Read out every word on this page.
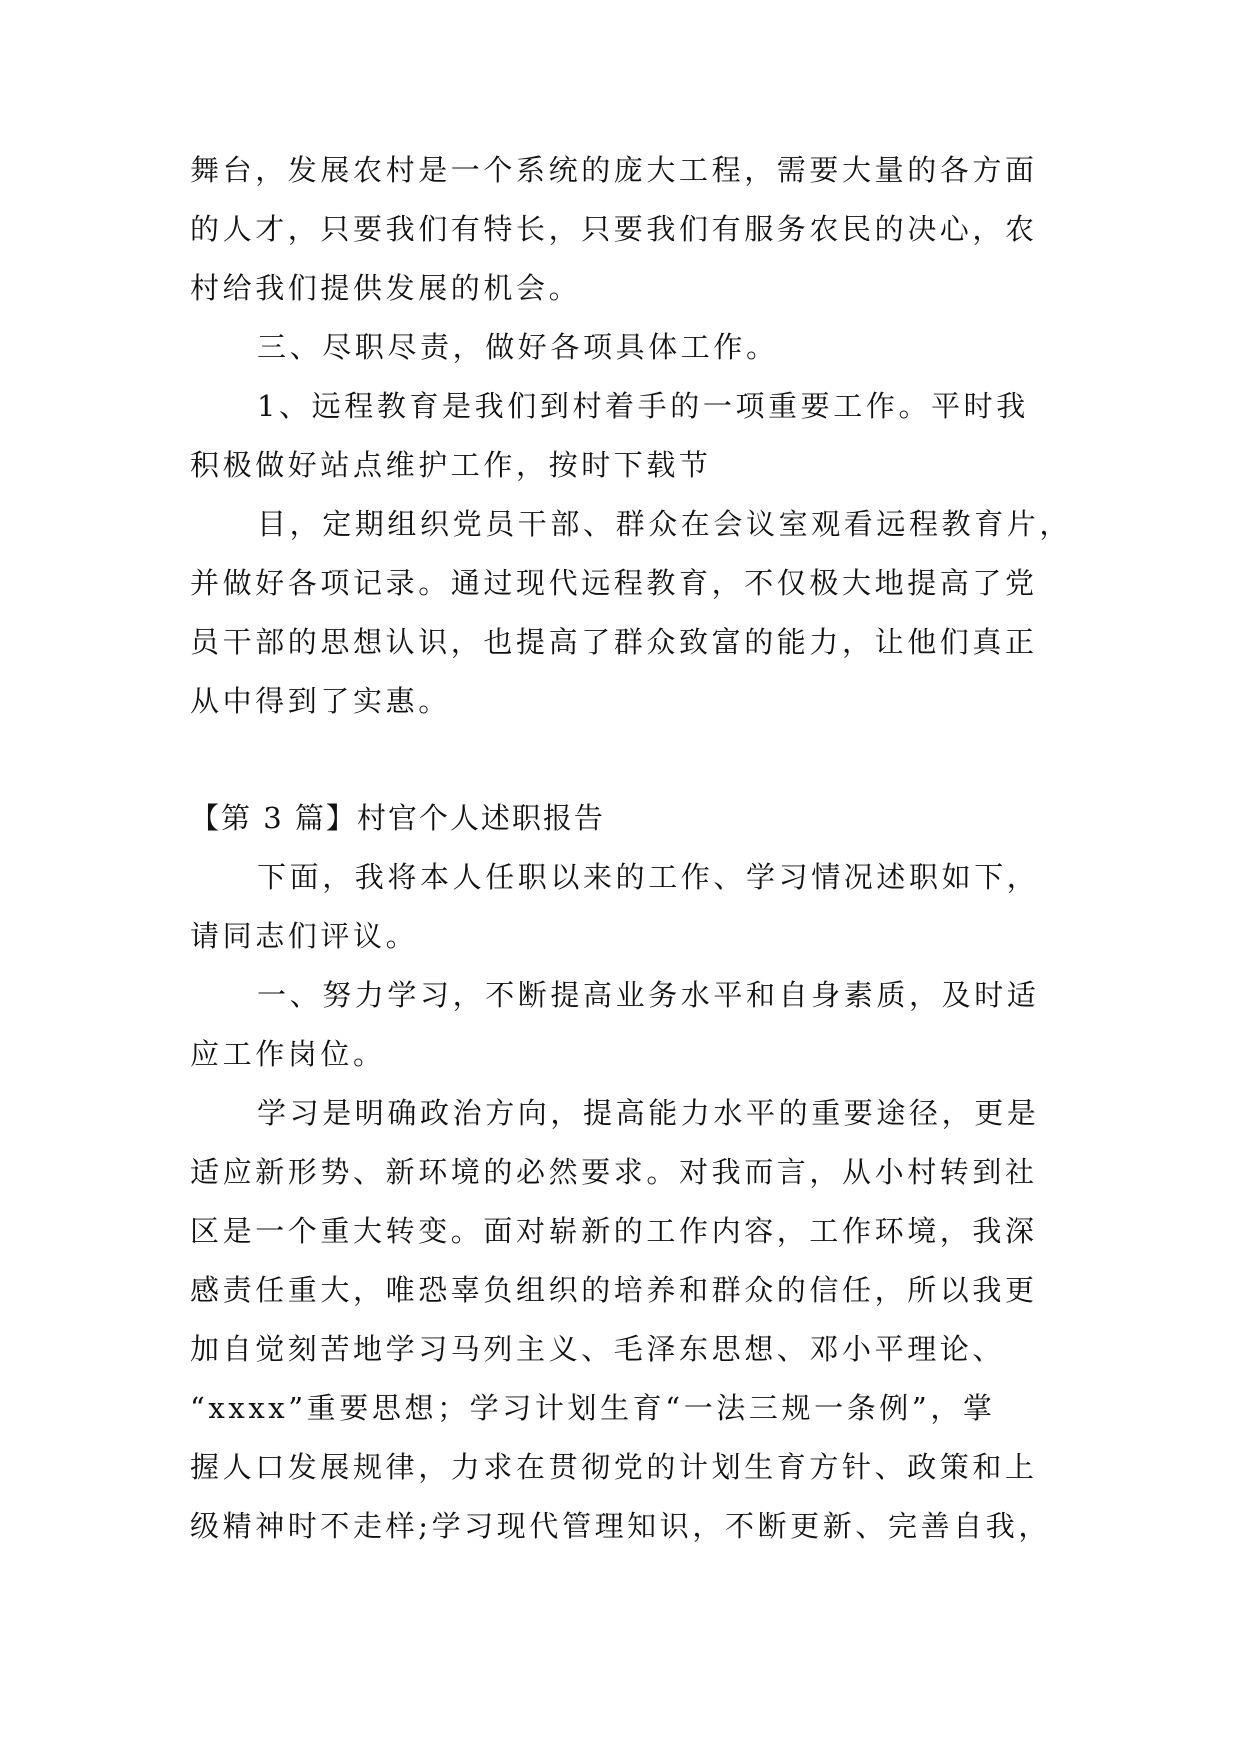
舞台，发展农村是一个系统的庞大工程，需要大量的各方面
的人才，只要我们有特长，只要我们有服务农民的决心，农
村给我们提供发展的机会。
三、尽职尽责，做好各项具体工作。
1、远程教育是我们到村着手的一项重要工作。平时我
积极做好站点维护工作，按时下载节
目，定期组织党员干部、群众在会议室观看远程教育片，
并做好各项记录。通过现代远程教育，不仅极大地提高了党
员干部的思想认识，也提高了群众致富的能力，让他们真正
从中得到了实惠。
【第 3 篇】村官个人述职报告
下面，我将本人任职以来的工作、学习情况述职如下，
请同志们评议。
一、努力学习，不断提高业务水平和自身素质，及时适
应工作岗位。
学习是明确政治方向，提高能力水平的重要途径，更是
适应新形势、新环境的必然要求。对我而言，从小村转到社
区是一个重大转变。面对崭新的工作内容，工作环境，我深
感责任重大，唯恐辜负组织的培养和群众的信任，所以我更
加自觉刻苦地学习马列主义、毛泽东思想、邓小平理论、
“xxxx”重要思想；学习计划生育“一法三规一条例”，掌
握人口发展规律，力求在贯彻党的计划生育方针、政策和上
级精神时不走样;学习现代管理知识，不断更新、完善自我，
